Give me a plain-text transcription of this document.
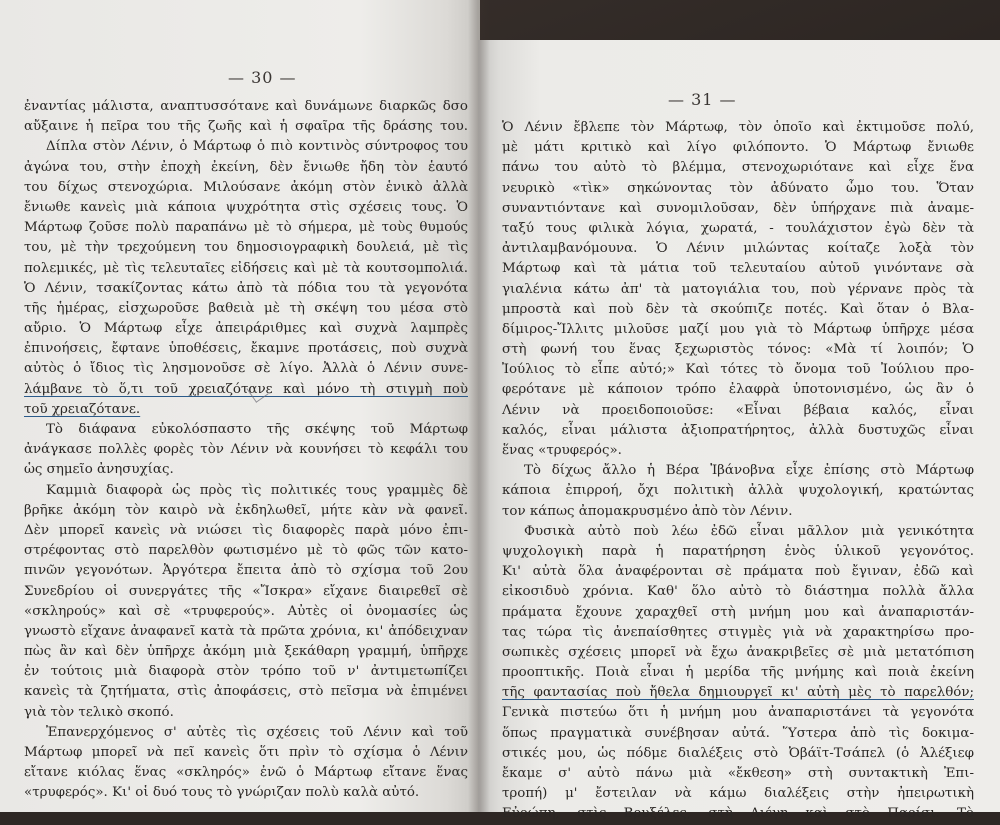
— 30 —
ἐναντίας μάλιστα, αναπτυσσότανε καὶ δυνάμωνε διαρκῶς δσο
αὔξαινε ἡ πεῖρα του τῆς ζωῆς καὶ ἡ σφαῖρα τῆς δράσης του.
Δίπλα στὸν Λένιν, ὁ Μάρτωφ ὁ πιὸ κοντινὸς σύντροφος του
ἀγώνα του, στὴν ἐποχὴ ἐκείνη, δὲν ἔνιωθε ἤδη τὸν ἑαυτό
του δίχως στενοχώρια. Μιλούσανε ἀκόμη στὸν ἑνικὸ ἀλλὰ
ἔνιωθε κανεὶς μιὰ κάποια ψυχρότητα στὶς σχέσεις τους. Ὁ
Μάρτωφ ζοῦσε πολὺ παραπάνω μὲ τὸ σήμερα, μὲ τοὺς θυμούς
του, μὲ τὴν τρεχούμενη του δημοσιογραφικὴ δουλειά, μὲ τὶς
πολεμικές, μὲ τὶς τελευταῖες εἰδήσεις καὶ μὲ τὰ κουτσομπολιά.
Ὁ Λένιν, τσακίζοντας κάτω ἀπὸ τὰ πόδια του τὰ γεγονότα
τῆς ἡμέρας, εἰσχωροῦσε βαθειὰ μὲ τὴ σκέψη του μέσα στὸ
αὔριο. Ὁ Μάρτωφ εἶχε ἀπειράριθμες καὶ συχνὰ λαμπρὲς
ἐπινοήσεις, ἔφτανε ὑποθέσεις, ἔκαμνε προτάσεις, ποὺ συχνὰ
αὐτὸς ὁ ἴδιος τὶς λησμονοῦσε σὲ λίγο. Ἀλλὰ ὁ Λένιν συνε-
λάμβανε τὸ ὅ,τι τοῦ χρειαζότανε καὶ μόνο τὴ στιγμὴ ποὺ
τοῦ χρειαζότανε.
Τὸ διάφανα εὐκολόσπαστο τῆς σκέψης τοῦ Μάρτωφ
ἀνάγκασε πολλὲς φορὲς τὸν Λένιν νὰ κουνήσει τὸ κεφάλι του
ὡς σημεῖο ἀνησυχίας.
Καμμιὰ διαφορὰ ὡς πρὸς τὶς πολιτικές τους γραμμὲς δὲ
βρῆκε ἀκόμη τὸν καιρὸ νὰ ἐκδηλωθεῖ, μήτε κὰν νὰ φανεῖ.
Δὲν μπορεῖ κανεὶς νὰ νιώσει τὶς διαφορὲς παρὰ μόνο ἐπι-
στρέφοντας στὸ παρελθὸν φωτισμένο μὲ τὸ φῶς τῶν κατο-
πινῶν γεγονότων. Ἀργότερα ἔπειτα ἀπὸ τὸ σχίσμα τοῦ 2ου
Συνεδρίου οἱ συνεργάτες τῆς «Ἴσκρα» εἴχανε διαιρεθεῖ σὲ
«σκληρούς» καὶ σὲ «τρυφερούς». Αὐτὲς οἱ ὀνομασίες ὡς
γνωστὸ εἴχανε ἀναφανεῖ κατὰ τὰ πρῶτα χρόνια, κι' ἀπόδειχναν
πὼς ἂν καὶ δὲν ὑπῆρχε ἀκόμη μιὰ ξεκάθαρη γραμμή, ὑπῆρχε
ἐν τούτοις μιὰ διαφορὰ στὸν τρόπο τοῦ ν' ἀντιμετωπίζει
κανεὶς τὰ ζητήματα, στὶς ἀποφάσεις, στὸ πεῖσμα νὰ ἐπιμένει
γιὰ τὸν τελικὸ σκοπό.
Ἐπανερχόμενος σ' αὐτὲς τὶς σχέσεις τοῦ Λένιν καὶ τοῦ
Μάρτωφ μπορεῖ νὰ πεῖ κανεὶς ὅτι πρὶν τὸ σχίσμα ὁ Λένιν
εἴτανε κιόλας ἕνας «σκληρός» ἐνῶ ὁ Μάρτωφ εἴτανε ἕνας
«τρυφερός». Κι' οἱ δυό τους τὸ γνώριζαν πολὺ καλὰ αὐτό.
— 31 —
Ὁ Λένιν ἔβλεπε τὸν Μάρτωφ, τὸν ὁποῖο καὶ ἐκτιμοῦσε πολύ,
μὲ μάτι κριτικὸ καὶ λίγο φιλόποντο. Ὁ Μάρτωφ ἔνιωθε
πάνω του αὐτὸ τὸ βλέμμα, στενοχωριότανε καὶ εἶχε ἕνα
νευρικὸ «τὶκ» σηκώνοντας τὸν ἀδύνατο ὦμο του. Ὅταν
συναντιόντανε καὶ συνομιλοῦσαν, δὲν ὑπήρχανε πιὰ ἀναμε-
ταξύ τους φιλικὰ λόγια, χωρατά, - τουλάχιστον ἐγὼ δὲν τὰ
ἀντιλαμβανόμουνα. Ὁ Λένιν μιλώντας κοίταζε λοξὰ τὸν
Μάρτωφ καὶ τὰ μάτια τοῦ τελευταίου αὐτοῦ γινόντανε σὰ
γιαλένια κάτω ἀπ' τὰ ματογιάλια του, ποὺ γέρνανε πρὸς τὰ
μπροστὰ καὶ ποὺ δὲν τὰ σκούπιζε ποτές. Καὶ ὅταν ὁ Βλα-
δίμιρος-Ἴλλιτς μιλοῦσε μαζί μου γιὰ τὸ Μάρτωφ ὑπῆρχε μέσα
στὴ φωνή του ἕνας ξεχωριστὸς τόνος: «Μὰ τί λοιπόν; Ὁ
Ἰούλιος τὸ εἶπε αὐτό;» Καὶ τότες τὸ ὄνομα τοῦ Ἰούλιου προ-
φερότανε μὲ κάποιον τρόπο ἐλαφρὰ ὑποτονισμένο, ὡς ἂν ὁ
Λένιν νὰ προειδοποιοῦσε: «Εἶναι βέβαια καλός, εἶναι
καλός, εἶναι μάλιστα ἀξιοπρατήρητος, ἀλλὰ δυστυχῶς εἶναι
ἕνας «τρυφερός».
Τὸ δίχως ἄλλο ἡ Βέρα Ἰβάνοβνα εἶχε ἐπίσης στὸ Μάρτωφ
κάποια ἐπιρροή, ὄχι πολιτικὴ ἀλλὰ ψυχολογική, κρατώντας
τον κάπως ἀπομακρυσμένο ἀπὸ τὸν Λένιν.
Φυσικὰ αὐτὸ ποὺ λέω ἐδῶ εἶναι μᾶλλον μιὰ γενικότητα
ψυχολογικὴ παρὰ ἡ παρατήρηση ἑνὸς ὑλικοῦ γεγονότος.
Κι' αὐτὰ ὅλα ἀναφέρονται σὲ πράματα ποὺ ἔγιναν, ἐδῶ καὶ
εἰκοσιδυὸ χρόνια. Καθ' ὅλο αὐτὸ τὸ διάστημα πολλὰ ἄλλα
πράματα ἔχουνε χαραχθεῖ στὴ μνήμη μου καὶ ἀναπαριστάν-
τας τώρα τὶς ἀνεπαίσθητες στιγμὲς γιὰ νὰ χαρακτηρίσω προ-
σωπικὲς σχέσεις μπορεῖ νὰ ἔχω ἀνακριβεῖες σὲ μιὰ μετατόπιση
προοπτικῆς. Ποιὰ εἶναι ἡ μερίδα τῆς μνήμης καὶ ποιὰ ἐκείνη
τῆς φαντασίας ποὺ ἤθελα δημιουργεῖ κι' αὐτὴ μὲς τὸ παρελθόν;
Γενικὰ πιστεύω ὅτι ἡ μνήμη μου ἀναπαριστάνει τὰ γεγονότα
ὅπως πραγματικὰ συνέβησαν αὐτά. Ὕστερα ἀπὸ τὶς δοκιμα-
στικές μου, ὡς πόδμε διαλέξεις στὸ Ὀβάϊτ-Τσάπελ (ὁ Ἀλέξιεφ
ἔκαμε σ' αὐτὸ πάνω μιὰ «ἔκθεση» στὴ συντακτικὴ Ἐπι-
τροπή) μ' ἔστειλαν νὰ κάμω διαλέξεις στὴν ἠπειρωτικὴ
Εὐρώπη, στὶς Βρυξέλες, στὴ Λιέγη καὶ στὸ Παρίσι. Τὸ
